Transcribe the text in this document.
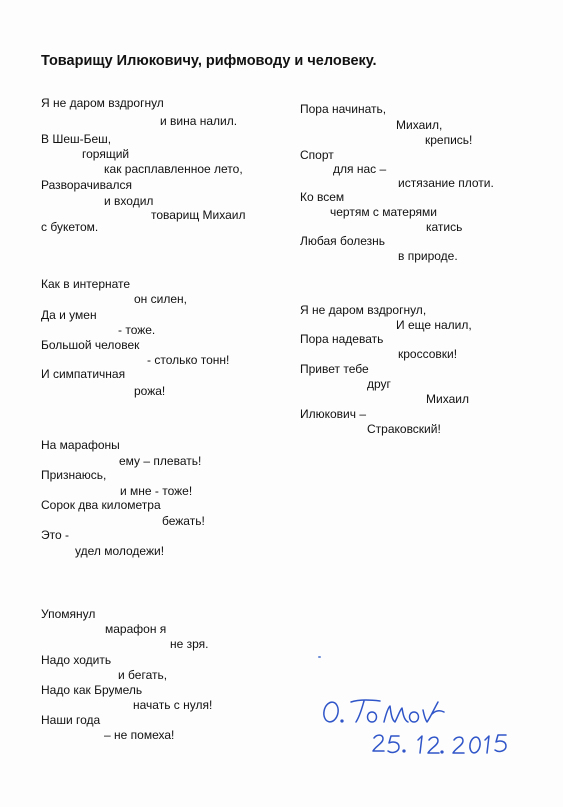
Товарищу Илюковичу, рифмоводу и человеку.
Я не даром вздрогнул
и вина налил.
В Шеш-Беш,
горящий
как расплавленное лето,
Разворачивался
и входил
товарищ Михаил
с букетом.
Как в интернате
он силен,
Да и умен
- тоже.
Большой человек
- столько тонн!
И симпатичная
рожа!
На марафоны
ему – плевать!
Признаюсь,
и мне - тоже!
Сорок два километра
бежать!
Это -
удел молодежи!
Упомянул
марафон я
не зря.
Надо ходить
и бегать,
Надо как Брумель
начать с нуля!
Наши года
– не помеха!
Пора начинать,
Михаил,
крепись!
Спорт
для нас –
истязание плоти.
Ко всем
чертям с матерями
катись
Любая болезнь
в природе.
Я не даром вздрогнул,
И еще налил,
Пора надевать
кроссовки!
Привет тебе
друг
Михаил
Илюкович –
Страковский!
